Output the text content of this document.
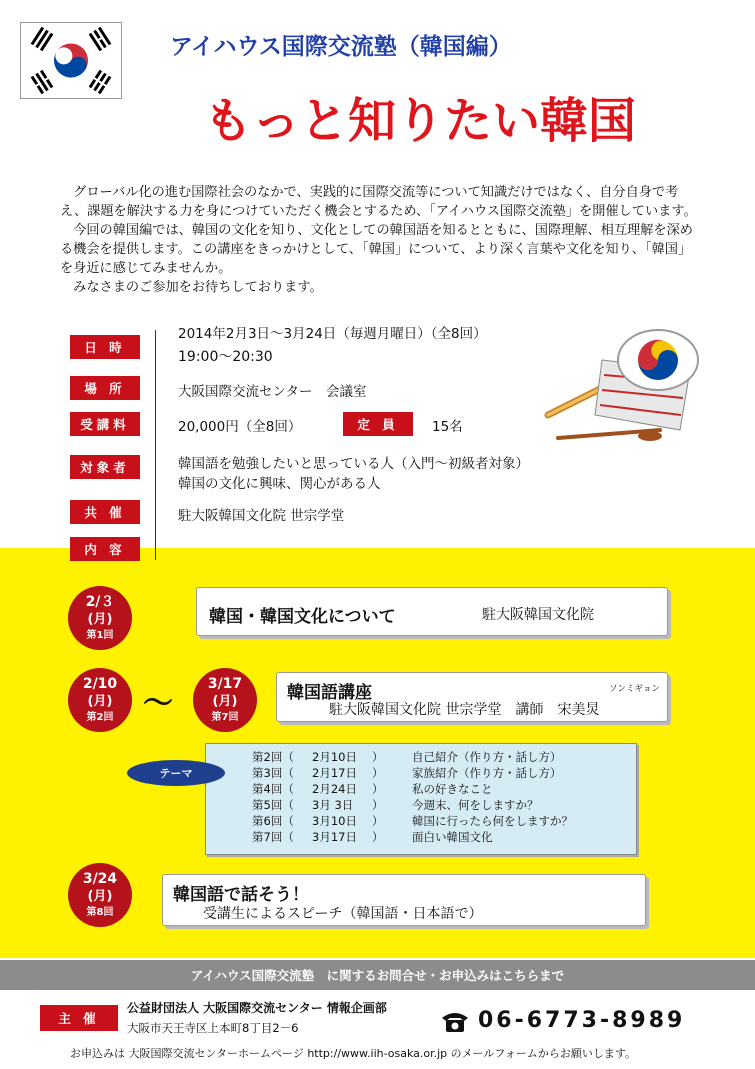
アイハウス国際交流塾（韓国編）
もっと知りたい韓国

　グローバル化の進む国際社会のなかで、実践的に国際交流等について知識だけではなく、自分自身で考え、課題を解決する力を身につけていただく機会とするため、「アイハウス国際交流塾」を開催しています。

　今回の韓国編では、韓国の文化を知り、文化としての韓国語を知るとともに、国際理解、相互理解を深める機会を提供します。この講座をきっかけとして、「韓国」について、より深く言葉や文化を知り、「韓国」を身近に感じてみませんか。

　みなさまのご参加をお待ちしております。

日 時
2014年2月3日～3月24日（毎週月曜日）（全8回）
19:00～20:30
場 所	大阪国際交流センター　会議室
受講料	20,000円（全8回）	定 員	15名
対象者	韓国語を勉強したいと思っている人（入門～初級者対象）
韓国の文化に興味、関心がある人
共 催	駐大阪韓国文化院 世宗学堂
内 容
2/３
(月)
第1回
韓国・韓国文化について	駐大阪韓国文化院
2/10
(月)
第2回 ～
3/17
(月)
第7回
韓国語講座	ソンミギョン
駐大阪韓国文化院 世宗学堂　講師　宋美炅
第2回（ 2月10日 ） 自己紹介（作り方・話し方）
第3回（ 2月17日 ） 家族紹介（作り方・話し方）
第4回（ 2月24日 ） 私の好きなこと
第5回（ 3月 3日 ） 今週末、何をしますか？
第6回（ 3月10日 ） 韓国に行ったら何をしますか？
第7回（ 3月17日 ） 面白い韓国文化
テーマ
3/24
(月)
第8回
韓国語で話そう！
受講生によるスピーチ（韓国語・日本語で）
アイハウス国際交流塾　に関するお問合せ・お申込みはこちらまで
主 催
公益財団法人 大阪国際交流センター 情報企画部
大阪市天王寺区上本町8丁目2－6	06-6773-8989
お申込みは 大阪国際交流センターホームページ http://www.iih-osaka.or.jp のメールフォームからお願いします。
